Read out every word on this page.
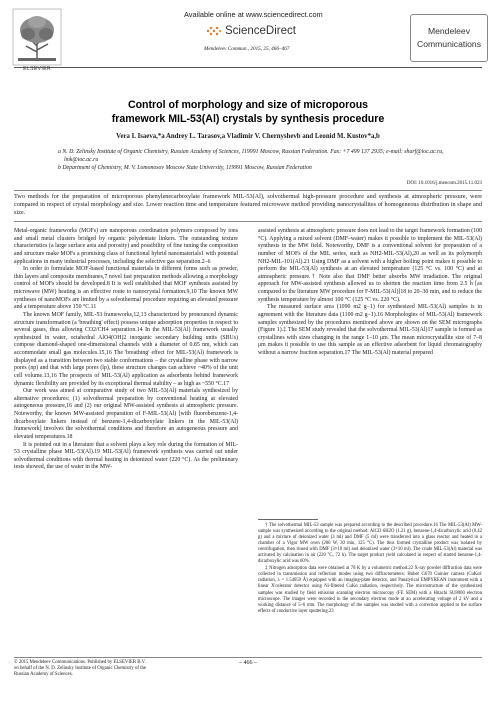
ELSEVIER
Available online at www.sciencedirect.com
ScienceDirect
Mendeleev Commun., 2015, 25, 466–467
Mendeleev
Communications
Control of morphology and size of microporous
framework MIL-53(Al) crystals by synthesis procedure
Vera I. Isaeva,*a Andrey L. Tarasov,a Vladimir V. Chernyshevb and Leonid M. Kustov*a,b
a N. D. Zelinsky Institute of Organic Chemistry, Russian Academy of Sciences, 119991 Moscow, Russian Federation. Fax: +7 499 137 2935; e-mail: sharf@ioc.ac.ru, lmk@ioc.ac.ru
b Department of Chemistry, M. V. Lomonosov Moscow State University, 119991 Moscow, Russian Federation
DOI: 10.1016/j.mencom.2015.11.023
Two methods for the preparation of microporous phenylenecarboxylate framework MIL-53(Al), solvothermal high-pressure procedure and synthesis at atmospheric pressure, were compared in respect of crystal morphology and size. Lower reaction time and temperature featured microwave method providing nanocrystallites of homogeneous distribution in shape and size.

Metal-organic frameworks (MOFs) are nanoporous coordination polymers composed by ions and small metal clusters bridged by organic polydentate linkers. The outstanding texture characteristics (a large surface area and porosity) and possibility of fine tuning the composition and structure make MOFs a promising class of functional hybrid nanomaterials1 with potential applications in many industrial processes, including the selective gas separation.2–6

In order to formulate MOF-based functional materials in different forms such as powder, thin layers and composite membranes,7 novel fast preparation methods allowing a morphology control of MOFs should be developed.8 It is well established that MOF synthesis assisted by microwave (MW) heating is an effective route to nanocrystal formation.9,10 The known MW syntheses of nanoMOFs are limited by a solvothermal procedure requiring an elevated pressure and a temperature above 150 °C.11

The known MOF family, MIL-53 frameworks,12,13 characterized by pronounced dynamic structure transformation (a 'breathing' effect) possess unique adsorption properties in respect to several gases, thus allowing CO2/CH4 separation.14 In the MIL-53(Al) framework usually synthesized in water, octahedral AlO4(OH)2 inorganic secondary building units (SBUs) compose diamond-shaped one-dimensional channels with a diameter of 0.85 nm, which can accommodate small gas molecules.15,16 The 'breathing' effect for MIL-53(Al) framework is displayed as a transition between two stable conformations – the crystalline phase with narrow pores (np) and that with large pores (lp), these structure changes can achieve ~40% of the unit cell volume.13,16 The prospects of MIL-53(Al) application as adsorbents behind framework dynamic flexibility are provided by its exceptional thermal stability – as high as ~550 °C.17

Our work was aimed at comparative study of two MIL-53(Al) materials synthesized by alternative procedures: (1) solvothermal preparation by conventional heating at elevated autogeneous pressure,16 and (2) our original MW-assisted synthesis at atmospheric pressure. Noteworthy, the known MW-assisted preparation of F-MIL-53(Al) [with fluorobenzene-1,4-dicarboxylate linkers instead of benzene-1,4-dicarboxylate linkers in the MIL-53(Al) framework] involves the solvothermal conditions and therefore an autogeneous pressure and elevated temperatures.18

It is pointed out in a literature that a solvent plays a key role during the formation of MIL-53 crystalline phase MIL-53(Al).19 MIL-53(Al) framework synthesis was carried out under solvothermal conditions with thermal heating in deionized water (220 °C). As the preliminary tests showed, the use of water in the MW-

assisted synthesis at atmospheric pressure does not lead to the target framework formation (100 °C). Applying a mixed solvent (DMF–water) makes it possible to implement the MIL-53(Al) synthesis in the MW field. Noteworthy, DMF is a conventional solvent for preparation of a number of MOFs of the MIL series, such as NH2-MIL-53(Al),20 as well as its polymorph NH2-MIL-101(Al).21 Using DMF as a solvent with a higher boiling point makes it possible to perform the MIL-53(Al) synthesis at an elevated temperature (125 °C vs. 100 °C) and at atmospheric pressure.† Note also that DMF better absorbs MW irradiation. The original approach for MW-assisted synthesis allowed us to shorten the reaction time from 2.5 h [as compared to the literature MW procedure for F-MIL-53(Al)]18 to 20–30 min, and to reduce the synthesis temperature by almost 100 °C (125 °C vs. 220 °C).

The measured surface area (1090 m2 g−1) for synthesized MIL-53(Al) samples is in agreement with the literature data (1100 m2 g−1).16 Morphologies of MIL-53(Al) framework samples synthesized by the procedures mentioned above are shown on the SEM micrographs (Figure 1).‡ The SEM study revealed that the solvothermal MIL-53(Al)17 sample is formed as crystallines with sizes changing in the range 1–10 μm. The mean microcrystallite size of 7–8 μm makes it possible to use this sample as an effective adsorbent for liquid chromatography without a narrow fraction separation.17 The MIL-53(Al) material prepared

† The solvothermal MIL-53 sample was prepared according to the described procedure.16 The MIL-53(Al) MW-sample was synthesized according to the original method: AlCl3·6H2O (1.21 g), benzene-1,4-dicarboxylic acid (0.42 g) and a mixture of deionized water (3 ml) and DMF (5 ml) were transferred into a glass reactor and heated in a chamber of a Vigor MW oven (200 W, 30 min, 125 °C). The thus formed crystalline product was isolated by centrifugation, then rinsed with DMF (3×10 ml) and deionized water (3×10 ml). The crude MIL-53(Al) material was activated by calcination in air (220 °C, 72 h). The target product yield calculated in respect of started benzene-1,4-dicarboxylic acid was 60%.

‡ Nitrogen adsorption data were obtained at 78 K by a volumetric method.22 X-ray powder diffraction data were collected in transmission and reflection modes using two diffractometers: Huber G670 Guinier camera (CuKα1 radiation, λ = 1.54059 Å) equipped with an imaging-plate detector, and Panalytical EMPYREAN instrument with a linear X'celerator detector using Ni-filtered CuKα radiation, respectively. The microstructure of the synthesized samples was studied by field emission scanning electron microscopy (FE SEM) with a Hitachi SU8000 electron microscope. The images were recorded in the secondary electron mode at an accelerating voltage of 2 kV and a working distance of 5–6 mm. The morphology of the samples was studied with a correction applied to the surface effects of conductive layer sputtering.23

© 2015 Mendeleev Communications. Published by ELSEVIER B.V.
on behalf of the N. D. Zelinsky Institute of Organic Chemistry of the
Russian Academy of Sciences.
– 466 –
